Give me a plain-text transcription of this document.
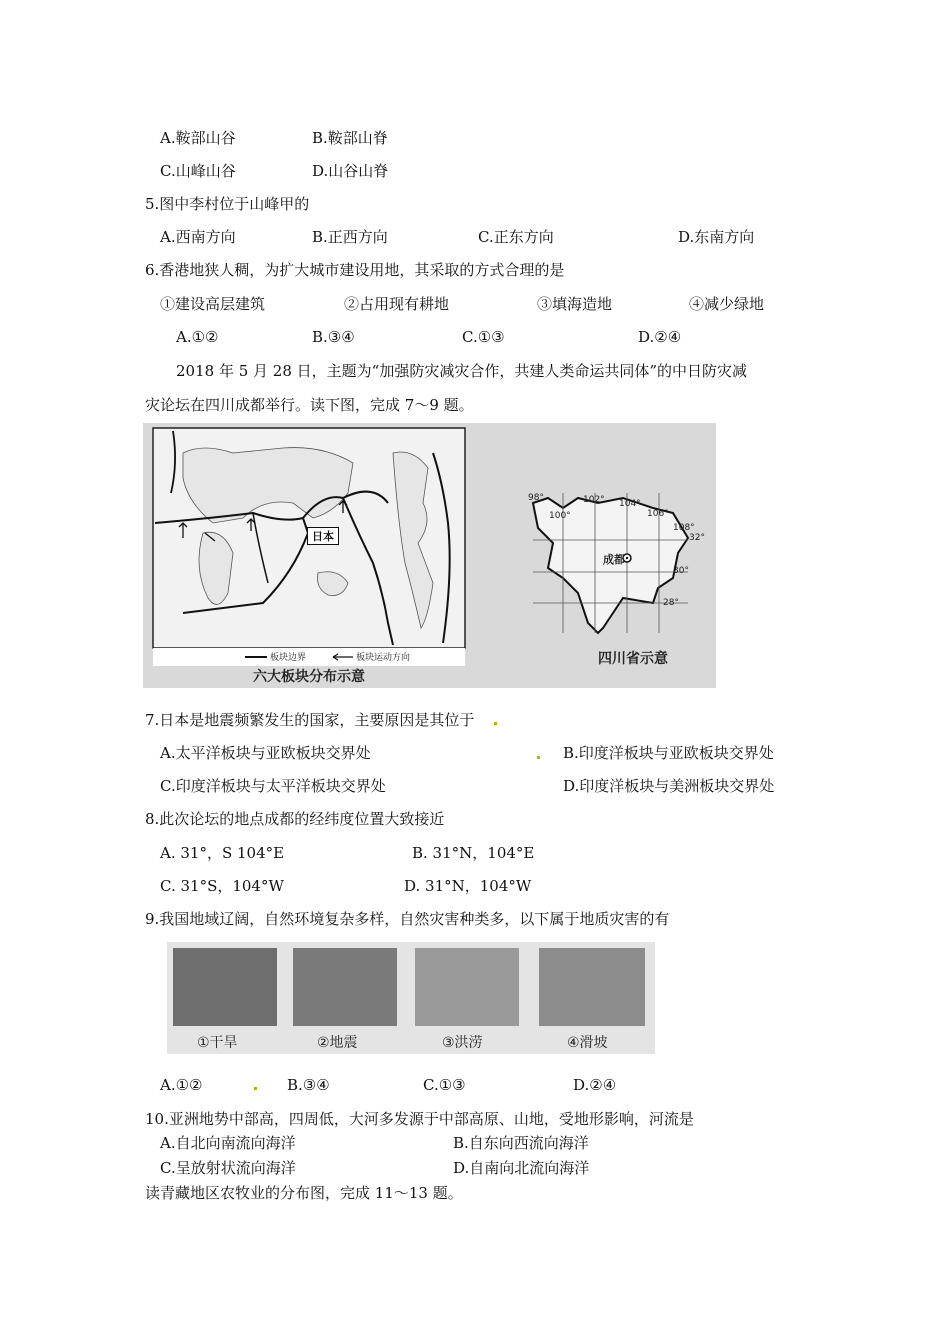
A.鞍部山谷	B.鞍部山脊
C.山峰山谷	D.山谷山脊
5.图中李村位于山峰甲的
A.西南方向	B.正西方向	C.正东方向	D.东南方向
6.香港地狭人稠，为扩大城市建设用地，其采取的方式合理的是
①建设高层建筑	②占用现有耕地	③填海造地	④减少绿地
A.①②	B.③④	C.①③	D.②④
2018 年 5 月 28 日，主题为“加强防灾减灾合作，共建人类命运共同体”的中日防灾减
灾论坛在四川成都举行。读下图，完成 7～9 题。
日本
板块边界	板块运动方向
六大板块分布示意
98°
100°
102° 104°
106°
108°
32°
30°
28°
成都
四川省示意
7.日本是地震频繁发生的国家，主要原因是其位于
A.太平洋板块与亚欧板块交界处	B.印度洋板块与亚欧板块交界处
C.印度洋板块与太平洋板块交界处	D.印度洋板块与美洲板块交界处
8.此次论坛的地点成都的经纬度位置大致接近
A. 31°，S 104°E	B. 31°N，104°E
C. 31°S，104°W	D. 31°N，104°W
9.我国地域辽阔，自然环境复杂多样，自然灾害种类多，以下属于地质灾害的有
①干旱	②地震	③洪涝	④滑坡
A.①②	B.③④	C.①③	D.②④
10.亚洲地势中部高，四周低，大河多发源于中部高原、山地，受地形影响，河流是
A.自北向南流向海洋	B.自东向西流向海洋
C.呈放射状流向海洋	D.自南向北流向海洋
读青藏地区农牧业的分布图，完成 11～13 题。
